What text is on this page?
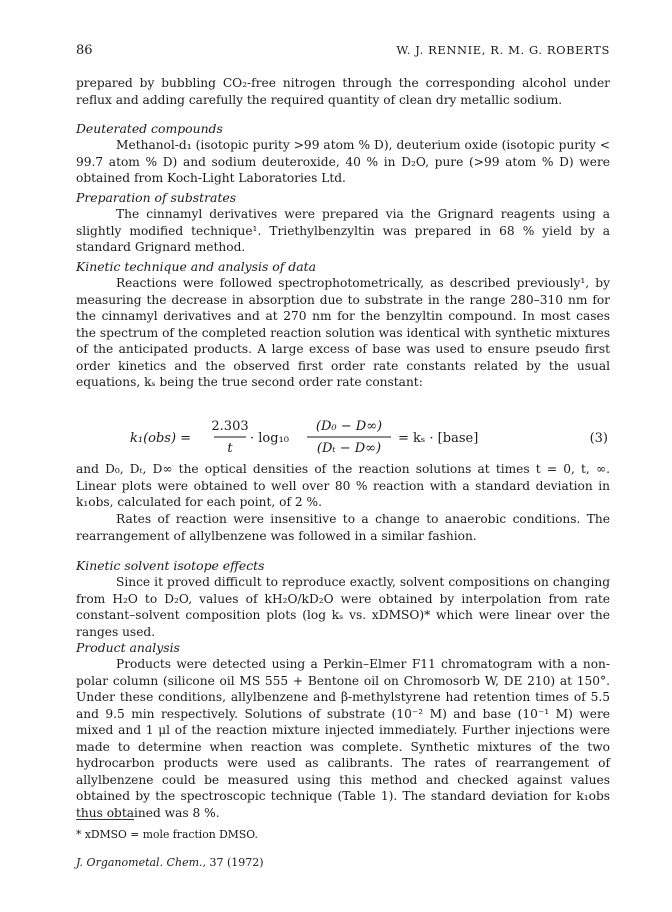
86	W. J. RENNIE, R. M. G. ROBERTS

prepared by bubbling CO₂-free nitrogen through the corresponding alcohol under reflux and adding carefully the required quantity of clean dry metallic sodium.

Deuterated compounds

Methanol-d₁ (isotopic purity >99 atom % D), deuterium oxide (isotopic purity < 99.7 atom % D) and sodium deuteroxide, 40 % in D₂O, pure (>99 atom % D) were obtained from Koch-Light Laboratories Ltd.

Preparation of substrates

The cinnamyl derivatives were prepared via the Grignard reagents using a slightly modified technique¹. Triethylbenzyltin was prepared in 68 % yield by a standard Grignard method.

Kinetic technique and analysis of data

Reactions were followed spectrophotometrically, as described previously¹, by measuring the decrease in absorption due to substrate in the range 280–310 nm for the cinnamyl derivatives and at 270 nm for the benzyltin compound. In most cases the spectrum of the completed reaction solution was identical with synthetic mixtures of the anticipated products. A large excess of base was used to ensure pseudo first order kinetics and the observed first order rate constants related by the usual equations, kₛ being the true second order rate constant:

k₁(obs) =
2.303
t
· log₁₀
(D₀ − D∞)
(Dₜ − D∞)
= kₛ · [base]	(3)

and D₀, Dₜ, D∞ the optical densities of the reaction solutions at times t = 0, t, ∞. Linear plots were obtained to well over 80 % reaction with a standard deviation in k₁obs, calculated for each point, of 2 %.

Rates of reaction were insensitive to a change to anaerobic conditions. The rearrangement of allylbenzene was followed in a similar fashion.

Kinetic solvent isotope effects

Since it proved difficult to reproduce exactly, solvent compositions on changing from H₂O to D₂O, values of kH₂O/kD₂O were obtained by interpolation from rate constant–solvent composition plots (log kₛ vs. xDMSO)* which were linear over the ranges used.

Product analysis

Products were detected using a Perkin–Elmer F11 chromatogram with a non-polar column (silicone oil MS 555 + Bentone oil on Chromosorb W, DE 210) at 150°. Under these conditions, allylbenzene and β-methylstyrene had retention times of 5.5 and 9.5 min respectively. Solutions of substrate (10⁻² M) and base (10⁻¹ M) were mixed and 1 μl of the reaction mixture injected immediately. Further injections were made to determine when reaction was complete. Synthetic mixtures of the two hydrocarbon products were used as calibrants. The rates of rearrangement of allylbenzene could be measured using this method and checked against values obtained by the spectroscopic technique (Table 1). The standard deviation for k₁obs thus obtained was 8 %.

* xDMSO = mole fraction DMSO.

J. Organometal. Chem., 37 (1972)
